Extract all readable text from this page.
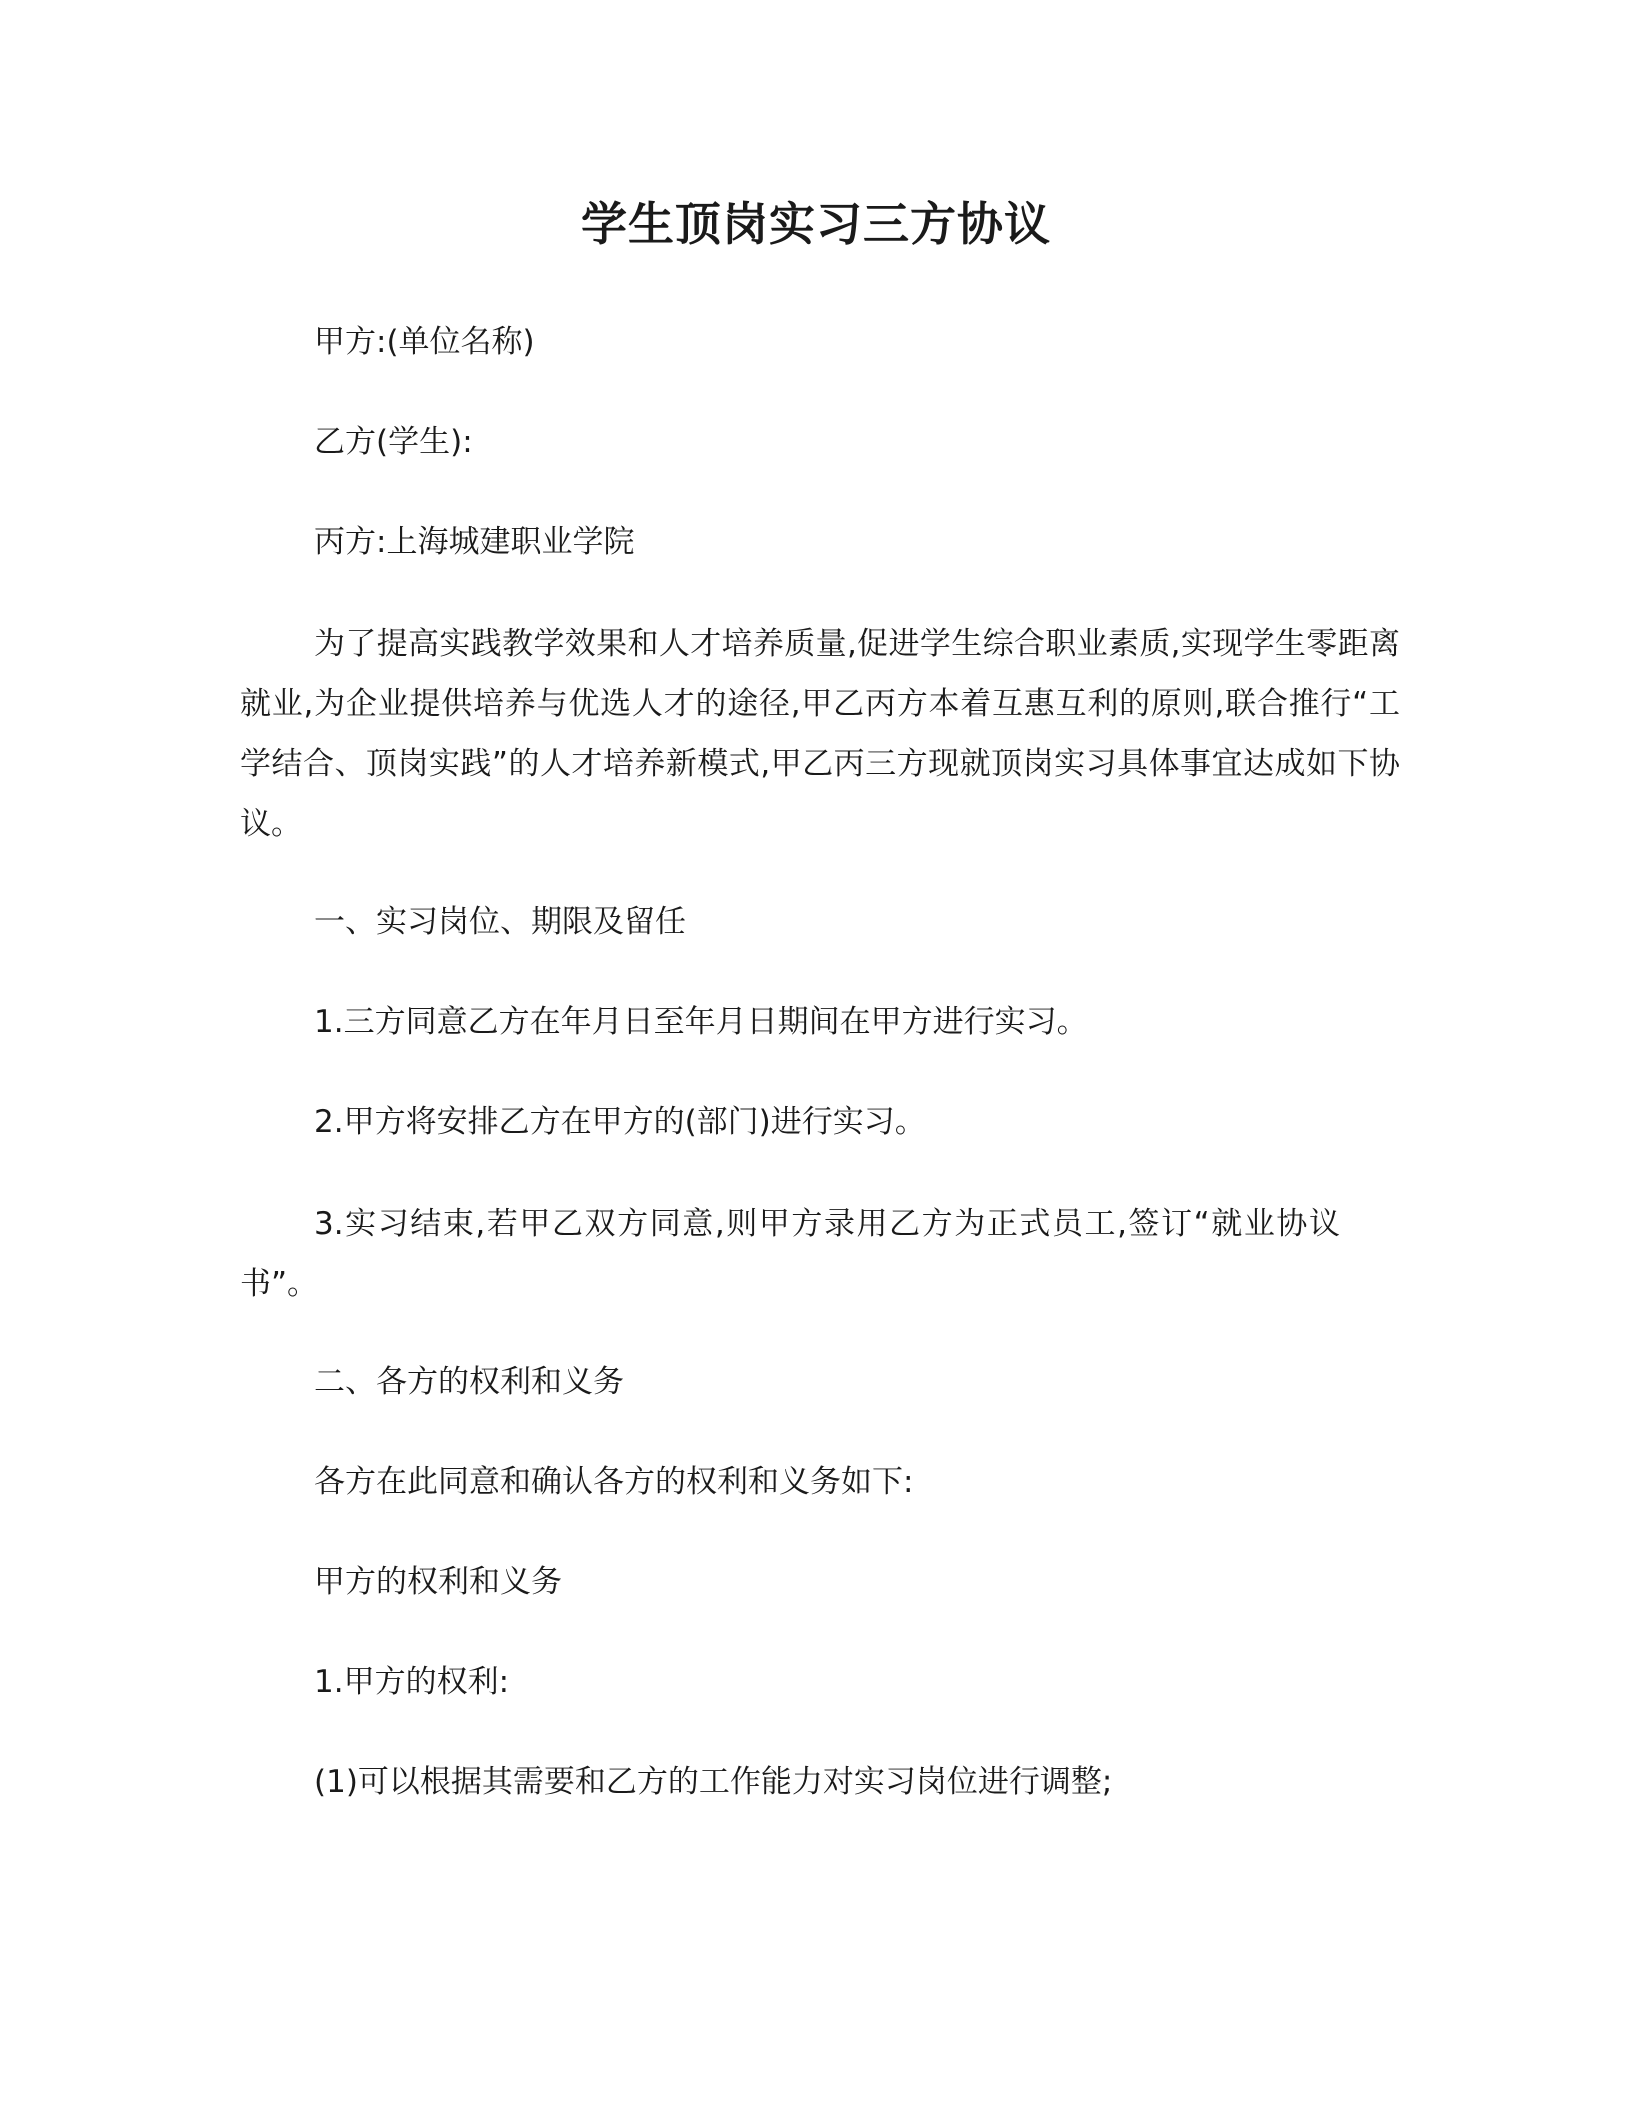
学生顶岗实习三方协议
甲方:(单位名称)
乙方(学生):
丙方:上海城建职业学院
为了提高实践教学效果和人才培养质量,促进学生综合职业素质,实现学生零距离就业,为企业提供培养与优选人才的途径,甲乙丙方本着互惠互利的原则,联合推行“工学结合、顶岗实践”的人才培养新模式,甲乙丙三方现就顶岗实习具体事宜达成如下协议。
一、实习岗位、期限及留任
1.三方同意乙方在年月日至年月日期间在甲方进行实习。
2.甲方将安排乙方在甲方的(部门)进行实习。
3.实习结束,若甲乙双方同意,则甲方录用乙方为正式员工,签订“就业协议书”。
二、各方的权利和义务
各方在此同意和确认各方的权利和义务如下:
甲方的权利和义务
1.甲方的权利:
(1)可以根据其需要和乙方的工作能力对实习岗位进行调整;
